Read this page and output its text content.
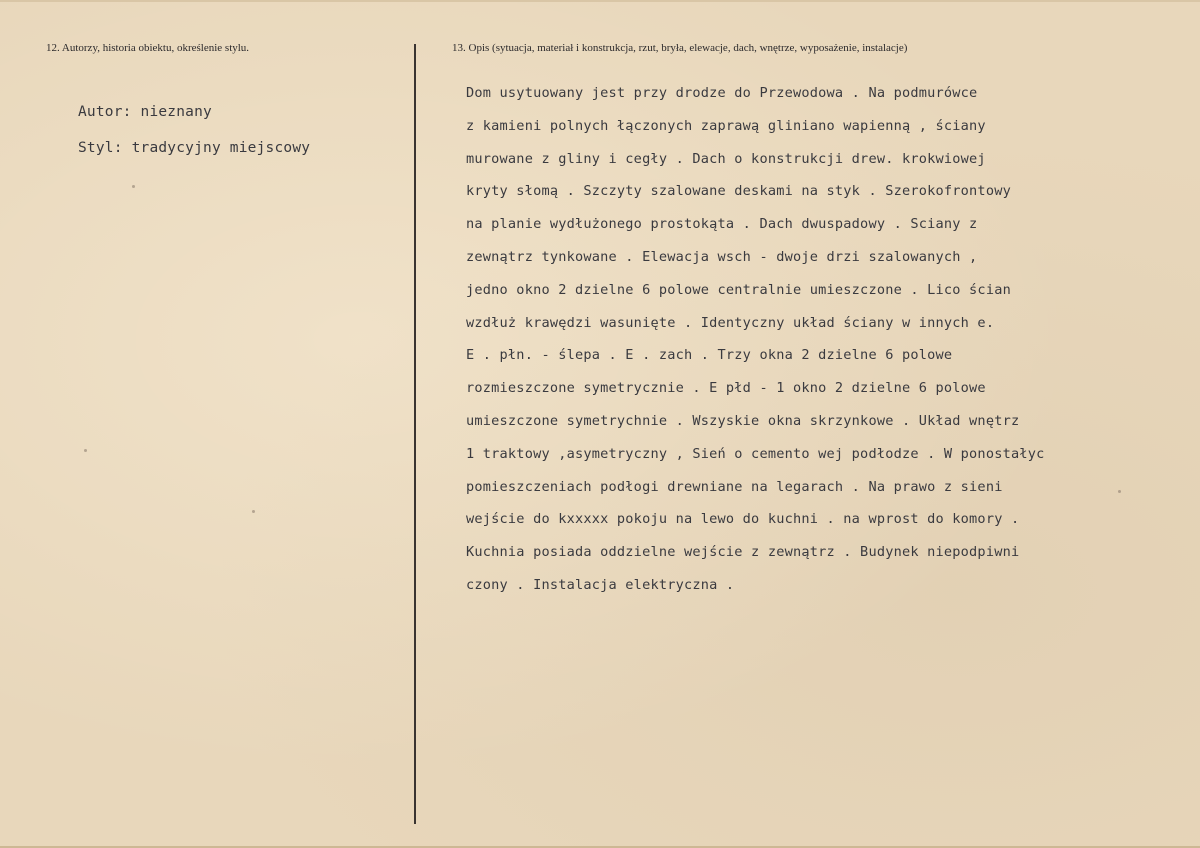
12. Autorzy, historia obiektu, określenie stylu.	13. Opis (sytuacja, materiał i konstrukcja, rzut, bryła, elewacje, dach, wnętrze, wyposażenie, instalacje)
Autor: nieznany
Styl: tradycyjny miejscowy
Dom usytuowany jest przy drodze do Przewodowa . Na podmurówce
z kamieni polnych łączonych zaprawą glinianо wapienną , ściany
murowane z gliny i cegły . Dach o konstrukcji drew. krokwiowej
kryty słomą . Szczyty szalowane deskami na styk . Szerokofrontowy
na planie wydłużonego prostokąta . Dach dwuspadowy . Sciany z
zewnątrz tynkowane . Elewacja wsch - dwoje drzi szalowanych ,
jedno okno 2 dzielne 6 polowe centralnie umieszczone . Lico ścian
wzdłuż krawędzi wasunięte . Identyczny układ ściany w innych e.
E . płn. - ślepa . E . zach . Trzy okna 2 dzielne 6 polowe
rozmieszczone symetrycznie . E płd - 1 okno 2 dzielne 6 polowe
umieszczone symetrychnie . Wszyskie okna skrzynkowe . Układ wnętrz
1 traktowy ,asymetryczny , Sień o cemento wej podłodze . W ponostałyc
pomieszczeniach podłogi drewniane na legarach . Na prawo z sieni
wejście do kxxxxx pokoju na lewo do kuchni . na wprost do komory .
Kuchnia posiada oddzielne wejście z zewnątrz . Budynek niepodpiwni
czony . Instalacja elektryczna .
